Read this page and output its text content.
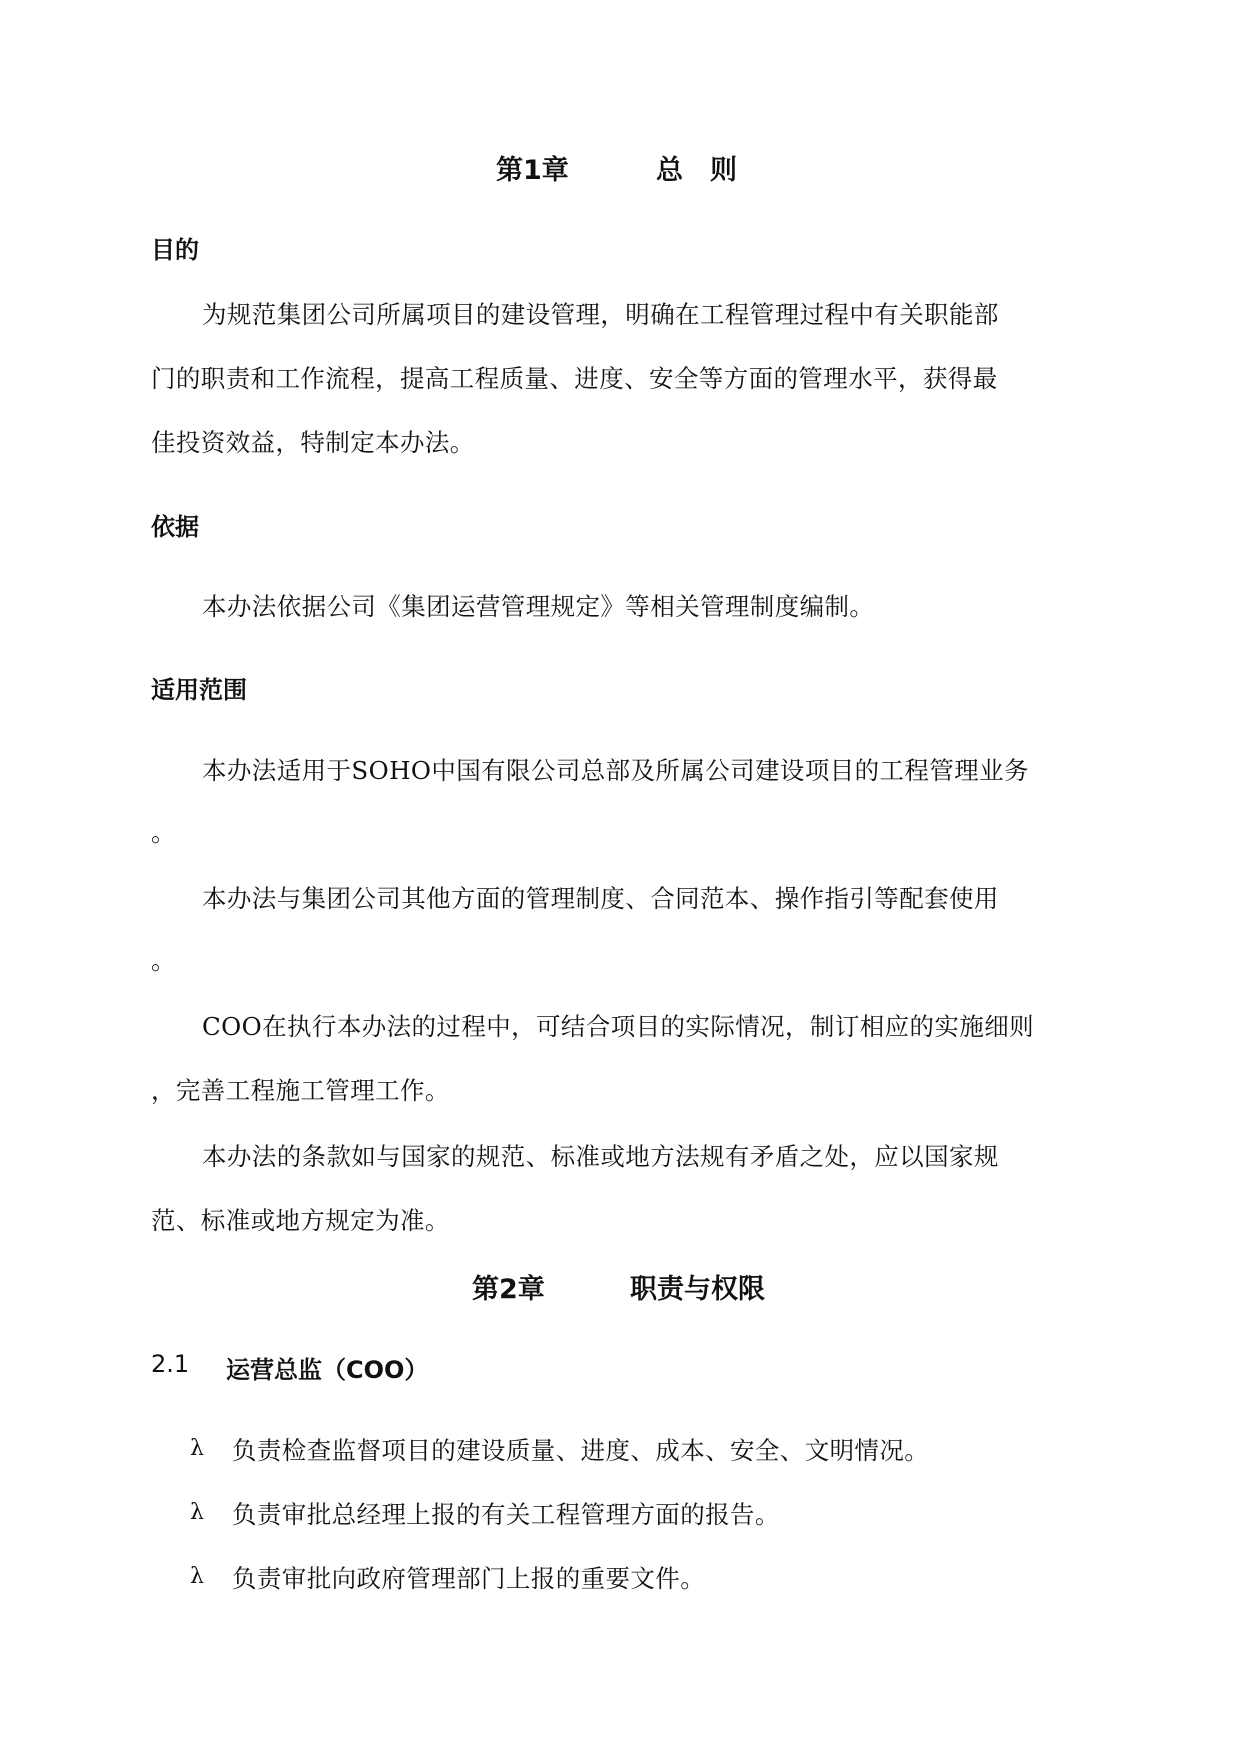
第1章	总　则
目的
为规范集团公司所属项目的建设管理，明确在工程管理过程中有关职能部
门的职责和工作流程，提高工程质量、进度、安全等方面的管理水平，获得最
佳投资效益，特制定本办法。
依据
本办法依据公司《集团运营管理规定》等相关管理制度编制。
适用范围
本办法适用于SOHO中国有限公司总部及所属公司建设项目的工程管理业务
。
本办法与集团公司其他方面的管理制度、合同范本、操作指引等配套使用
。
COO在执行本办法的过程中，可结合项目的实际情况，制订相应的实施细则
，完善工程施工管理工作。
本办法的条款如与国家的规范、标准或地方法规有矛盾之处，应以国家规
范、标准或地方规定为准。
第2章	职责与权限
2.1 运营总监（COO）
λ 负责检查监督项目的建设质量、进度、成本、安全、文明情况。
λ 负责审批总经理上报的有关工程管理方面的报告。
λ 负责审批向政府管理部门上报的重要文件。
